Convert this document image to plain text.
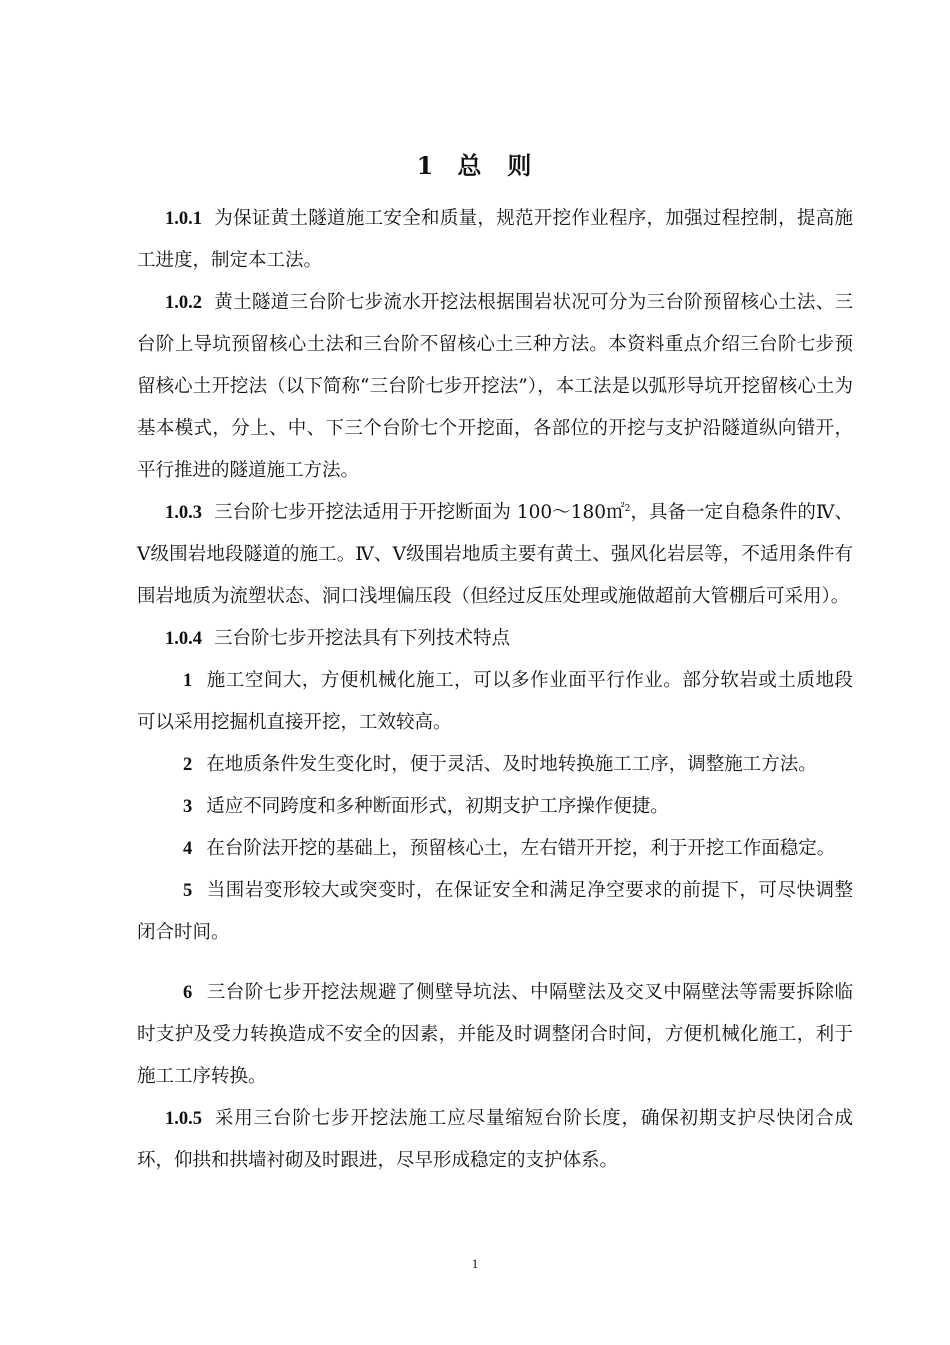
1 总 则

1.0.1 为保证黄土隧道施工安全和质量，规范开挖作业程序，加强过程控制，提高施工进度，制定本工法。

1.0.2 黄土隧道三台阶七步流水开挖法根据围岩状况可分为三台阶预留核心土法、三台阶上导坑预留核心土法和三台阶不留核心土三种方法。本资料重点介绍三台阶七步预留核心土开挖法（以下简称“三台阶七步开挖法”），本工法是以弧形导坑开挖留核心土为基本模式，分上、中、下三个台阶七个开挖面，各部位的开挖与支护沿隧道纵向错开，平行推进的隧道施工方法。

1.0.3 三台阶七步开挖法适用于开挖断面为 100～180㎡$^2$，具备一定自稳条件的Ⅳ、Ⅴ级围岩地段隧道的施工。Ⅳ、Ⅴ级围岩地质主要有黄土、强风化岩层等，不适用条件有围岩地质为流塑状态、洞口浅埋偏压段（但经过反压处理或施做超前大管棚后可采用）。

1.0.4 三台阶七步开挖法具有下列技术特点

1 施工空间大，方便机械化施工，可以多作业面平行作业。部分软岩或土质地段可以采用挖掘机直接开挖，工效较高。

2 在地质条件发生变化时，便于灵活、及时地转换施工工序，调整施工方法。

3 适应不同跨度和多种断面形式，初期支护工序操作便捷。

4 在台阶法开挖的基础上，预留核心土，左右错开开挖，利于开挖工作面稳定。

5 当围岩变形较大或突变时，在保证安全和满足净空要求的前提下，可尽快调整闭合时间。

6 三台阶七步开挖法规避了侧壁导坑法、中隔壁法及交叉中隔壁法等需要拆除临时支护及受力转换造成不安全的因素，并能及时调整闭合时间，方便机械化施工，利于施工工序转换。

1.0.5 采用三台阶七步开挖法施工应尽量缩短台阶长度，确保初期支护尽快闭合成环，仰拱和拱墙衬砌及时跟进，尽早形成稳定的支护体系。

1
